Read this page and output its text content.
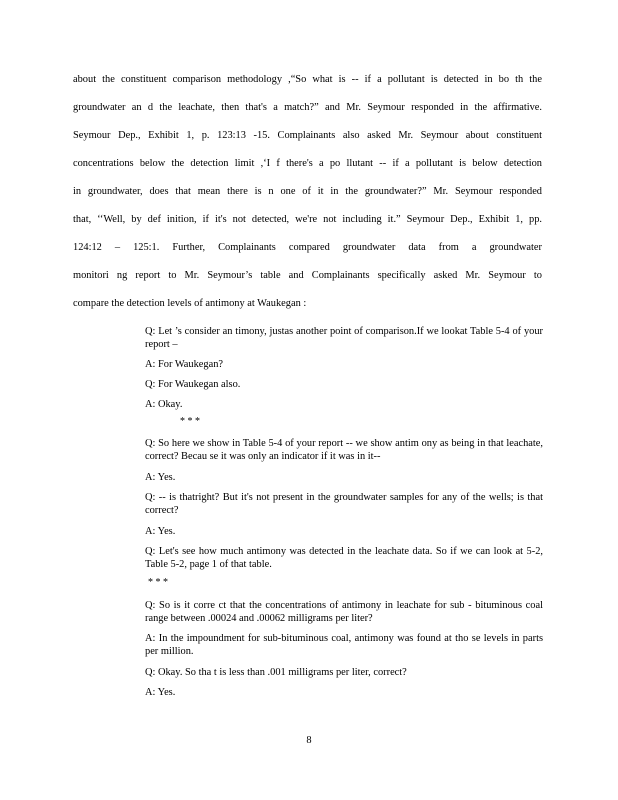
about the constituent comparison methodology ,“So what is -- if a pollutant is detected in bo th the
groundwater an d the leachate, then that's a match?” and Mr. Seymour responded in the affirmative.
Seymour Dep., Exhibit 1, p. 123:13 -15. Complainants also asked Mr. Seymour about constituent
concentrations below the detection limit ,‘I f there's a po llutant -- if a pollutant is below detection
in groundwater, does that mean there is n one of it in the groundwater?” Mr. Seymour responded
that, ‘‘Well, by def inition, if it's not detected, we're not including it.” Seymour Dep., Exhibit 1, pp.
124:12 – 125:1. Further, Complainants compared groundwater data from a groundwater
monitori ng report to Mr. Seymour’s table and Complainants specifically asked Mr. Seymour to
compare the detection levels of antimony at Waukegan :
Q: Let ’s consider an timony, justas another point of comparison.If we lookat Table 5-4 of your report –
A: For Waukegan?
Q: For Waukegan also.
A: Okay.
* * *
Q: So here we show in Table 5-4 of your report -- we show antim ony as being in that leachate, correct? Becau se it was only an indicator if it was in it--
A: Yes.
Q: -- is thatright? But it's not present in the groundwater samples for any of the wells; is that correct?
A: Yes.
Q: Let's see how much antimony was detected in the leachate data. So if we can look at 5-2, Table 5-2, page 1 of that table.
* * *
Q: So is it corre ct that the concentrations of antimony in leachate for sub - bituminous coal range between .00024 and .00062 milligrams per liter?
A: In the impoundment for sub-bituminous coal, antimony was found at tho se levels in parts per million.
Q: Okay. So tha t is less than .001 milligrams per liter, correct?
A: Yes.
8
